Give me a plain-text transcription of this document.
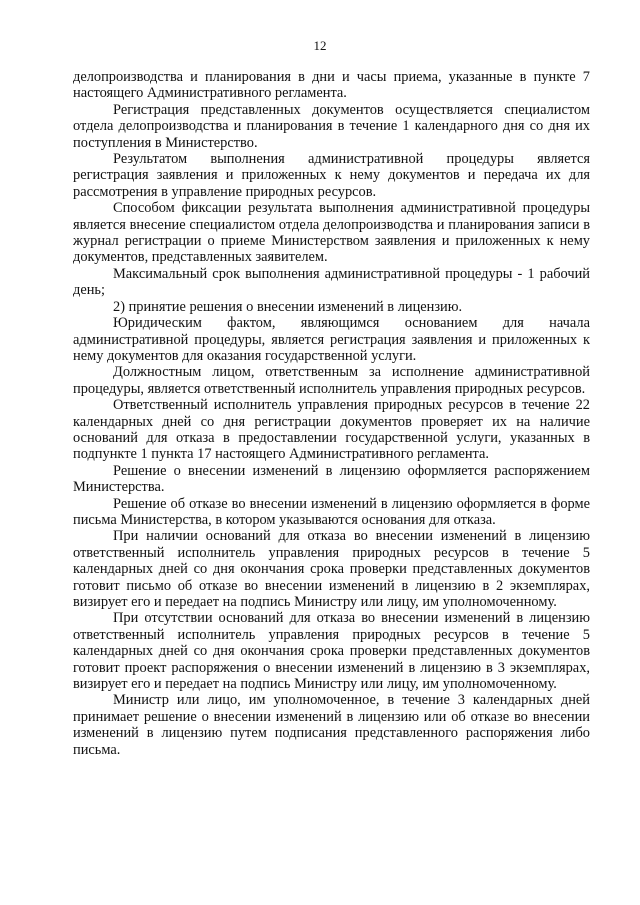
12

делопроизводства и планирования в дни и часы приема, указанные в пункте 7 настоящего Административного регламента.

Регистрация представленных документов осуществляется специалистом отдела делопроизводства и планирования в течение 1 календарного дня со дня их поступления в Министерство.

Результатом выполнения административной процедуры является регистрация заявления и приложенных к нему документов и передача их для рассмотрения в управление природных ресурсов.

Способом фиксации результата выполнения административной процедуры является внесение специалистом отдела делопроизводства и планирования записи в журнал регистрации о приеме Министерством заявления и приложенных к нему документов, представленных заявителем.

Максимальный срок выполнения административной процедуры - 1 рабочий день;

2) принятие решения о внесении изменений в лицензию.

Юридическим фактом, являющимся основанием для начала административной процедуры, является регистрация заявления и приложенных к нему документов для оказания государственной услуги.

Должностным лицом, ответственным за исполнение административной процедуры, является ответственный исполнитель управления природных ресурсов.

Ответственный исполнитель управления природных ресурсов в течение 22 календарных дней со дня регистрации документов проверяет их на наличие оснований для отказа в предоставлении государственной услуги, указанных в подпункте 1 пункта 17 настоящего Административного регламента.

Решение о внесении изменений в лицензию оформляется распоряжением Министерства.

Решение об отказе во внесении изменений в лицензию оформляется в форме письма Министерства, в котором указываются основания для отказа.

При наличии оснований для отказа во внесении изменений в лицензию ответственный исполнитель управления природных ресурсов в течение 5 календарных дней со дня окончания срока проверки представленных документов готовит письмо об отказе во внесении изменений в лицензию в 2 экземплярах, визирует его и передает на подпись Министру или лицу, им уполномоченному.

При отсутствии оснований для отказа во внесении изменений в лицензию ответственный исполнитель управления природных ресурсов в течение 5 календарных дней со дня окончания срока проверки представленных документов готовит проект распоряжения о внесении изменений в лицензию в 3 экземплярах, визирует его и передает на подпись Министру или лицу, им уполномоченному.

Министр или лицо, им уполномоченное, в течение 3 календарных дней принимает решение о внесении изменений в лицензию или об отказе во внесении изменений в лицензию путем подписания представленного распоряжения либо письма.
